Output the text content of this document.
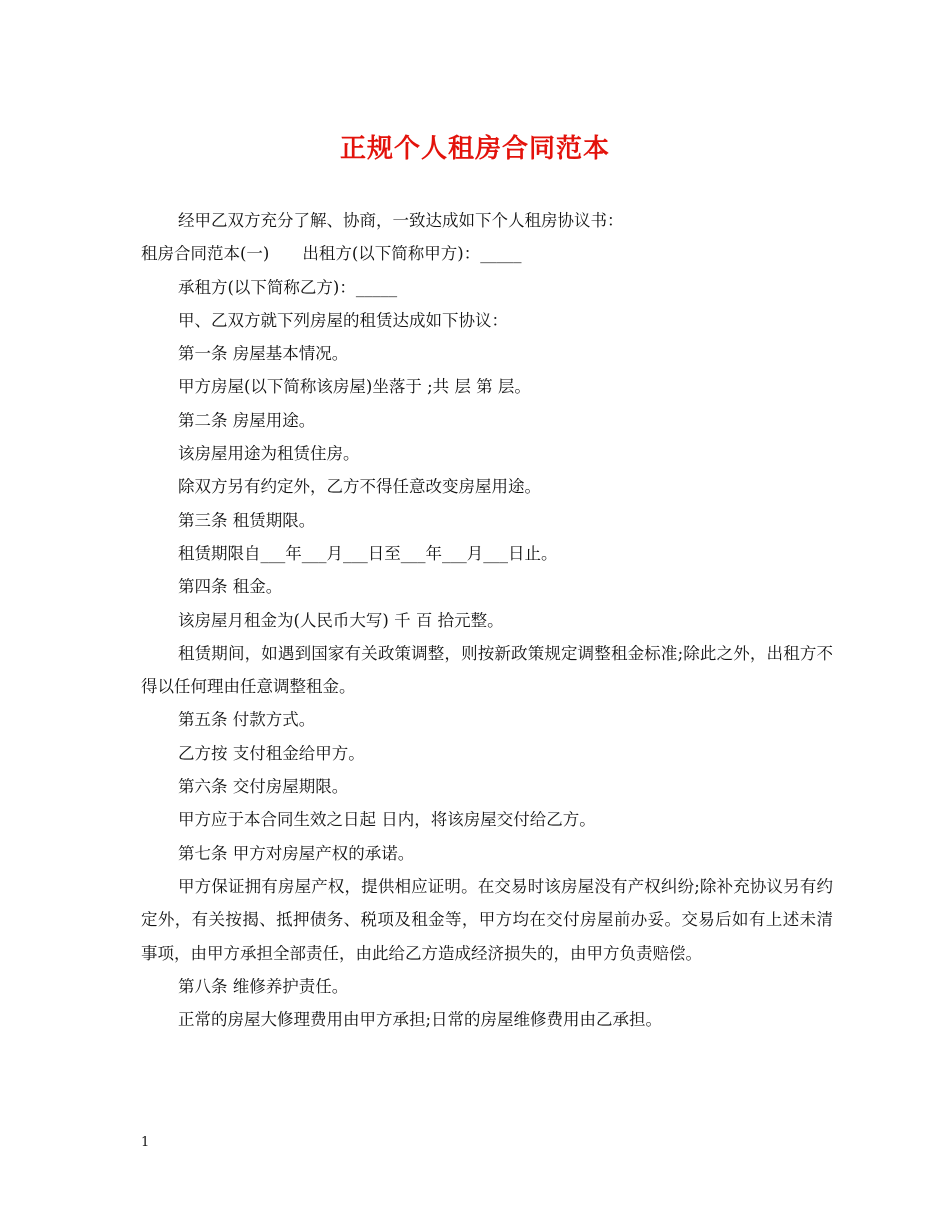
正规个人租房合同范本

经甲乙双方充分了解、协商，一致达成如下个人租房协议书：

租房合同范本(一)　　出租方(以下简称甲方)：_____

承租方(以下简称乙方)：_____

甲、乙双方就下列房屋的租赁达成如下协议：

第一条 房屋基本情况。

甲方房屋(以下简称该房屋)坐落于 ;共 层 第 层。

第二条 房屋用途。

该房屋用途为租赁住房。

除双方另有约定外，乙方不得任意改变房屋用途。

第三条 租赁期限。

租赁期限自___年___月___日至___年___月___日止。

第四条 租金。

该房屋月租金为(人民币大写) 千 百 拾元整。

租赁期间，如遇到国家有关政策调整，则按新政策规定调整租金标准;除此之外，出租方不得以任何理由任意调整租金。

第五条 付款方式。

乙方按 支付租金给甲方。

第六条 交付房屋期限。

甲方应于本合同生效之日起 日内，将该房屋交付给乙方。

第七条 甲方对房屋产权的承诺。

甲方保证拥有房屋产权，提供相应证明。在交易时该房屋没有产权纠纷;除补充协议另有约定外，有关按揭、抵押债务、税项及租金等，甲方均在交付房屋前办妥。交易后如有上述未清事项，由甲方承担全部责任，由此给乙方造成经济损失的，由甲方负责赔偿。

第八条 维修养护责任。

正常的房屋大修理费用由甲方承担;日常的房屋维修费用由乙承担。

1
